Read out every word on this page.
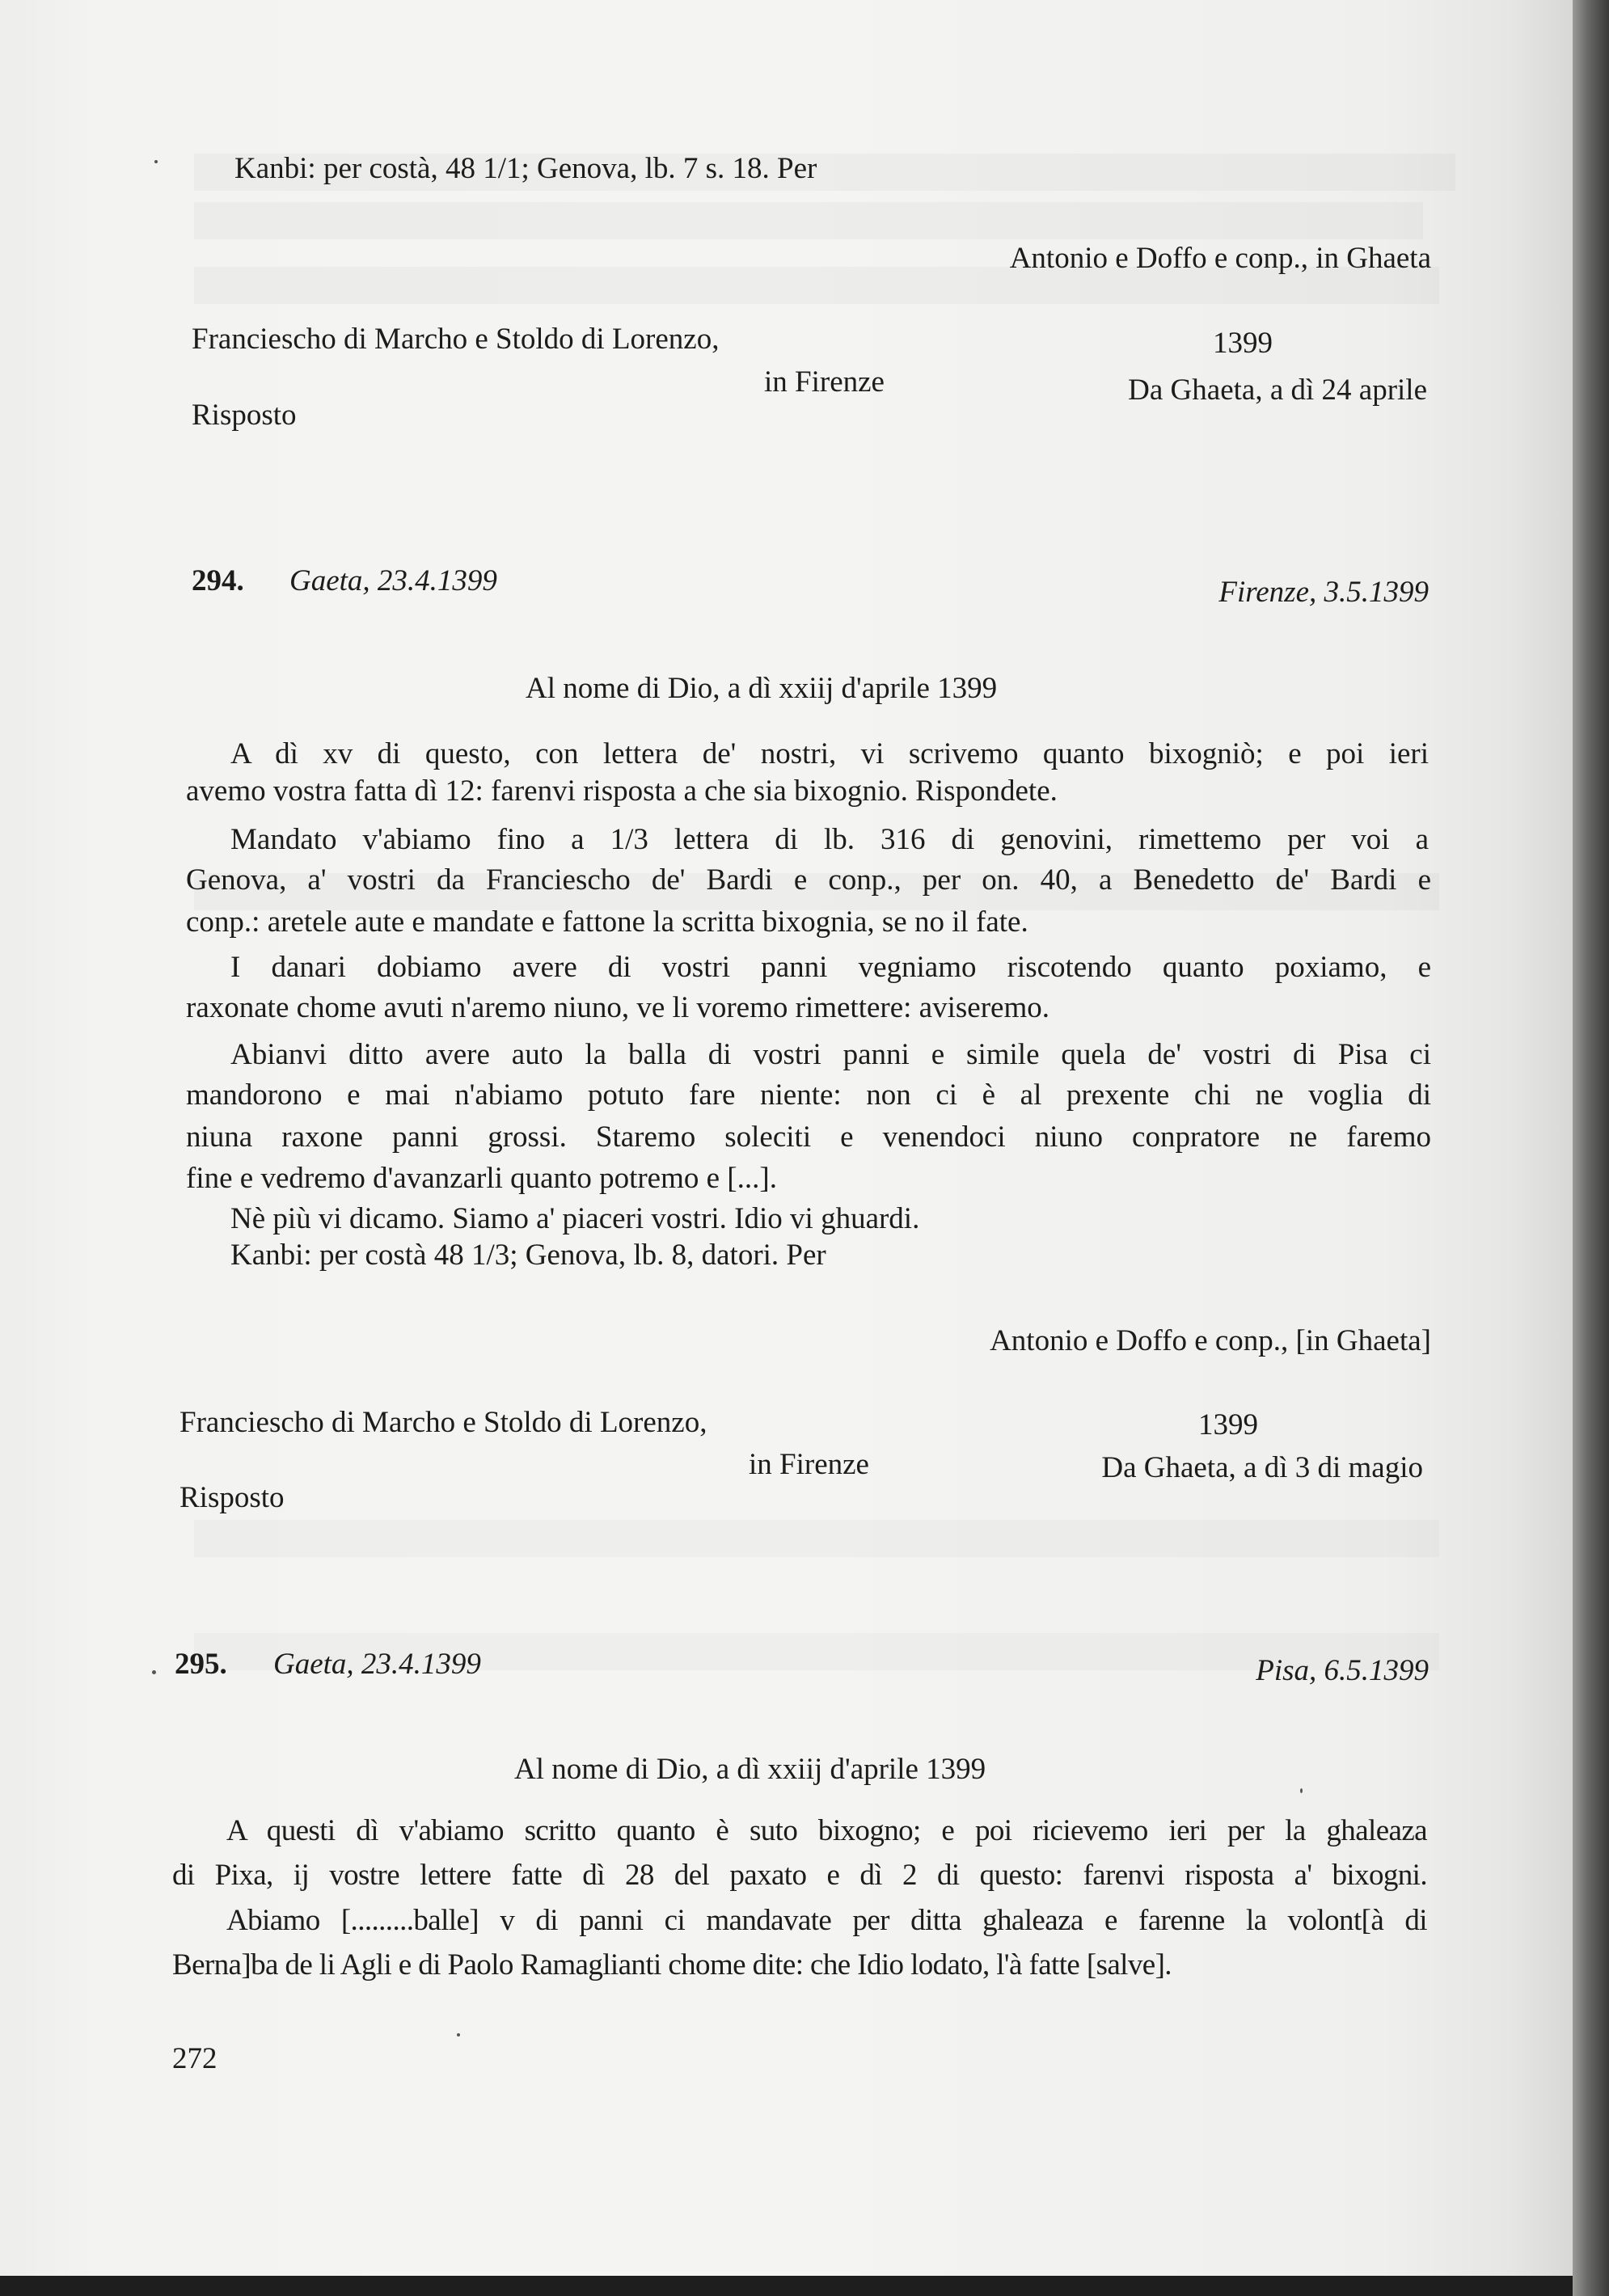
Kanbi: per costà, 48 1/1; Genova, lb. 7 s. 18. Per
Antonio e Doffo e conp., in Ghaeta
Franciescho di Marcho e Stoldo di Lorenzo,	1399
in Firenze	Da Ghaeta, a dì 24 aprile
Risposto
294. Gaeta, 23.4.1399	Firenze, 3.5.1399
Al nome di Dio, a dì xxiij d'aprile 1399
A dì xv di questo, con lettera de' nostri, vi scrivemo quanto bixogniò; e poi ieri
avemo vostra fatta dì 12: farenvi risposta a che sia bixognio. Rispondete.
Mandato v'abiamo fino a 1/3 lettera di lb. 316 di genovini, rimettemo per voi a
Genova, a' vostri da Franciescho de' Bardi e conp., per on. 40, a Benedetto de' Bardi e
conp.: aretele aute e mandate e fattone la scritta bixognia, se no il fate.
I danari dobiamo avere di vostri panni vegniamo riscotendo quanto poxiamo, e
raxonate chome avuti n'aremo niuno, ve li voremo rimettere: aviseremo.
Abianvi ditto avere auto la balla di vostri panni e simile quela de' vostri di Pisa ci
mandorono e mai n'abiamo potuto fare niente: non ci è al prexente chi ne voglia di
niuna raxone panni grossi. Staremo soleciti e venendoci niuno conpratore ne faremo
fine e vedremo d'avanzarli quanto potremo e [...].
Nè più vi dicamo. Siamo a' piaceri vostri. Idio vi ghuardi.
Kanbi: per costà 48 1/3; Genova, lb. 8, datori. Per
Antonio e Doffo e conp., [in Ghaeta]
Franciescho di Marcho e Stoldo di Lorenzo,	1399
in Firenze	Da Ghaeta, a dì 3 di magio
Risposto
295. Gaeta, 23.4.1399	Pisa, 6.5.1399
Al nome di Dio, a dì xxiij d'aprile 1399
A questi dì v'abiamo scritto quanto è suto bixogno; e poi ricievemo ieri per la ghaleaza
di Pixa, ij vostre lettere fatte dì 28 del paxato e dì 2 di questo: farenvi risposta a' bixogni.
Abiamo [.........balle] v di panni ci mandavate per ditta ghaleaza e farenne la volont[à di
Berna]ba de li Agli e di Paolo Ramaglianti chome dite: che Idio lodato, l'à fatte [salve].
272
